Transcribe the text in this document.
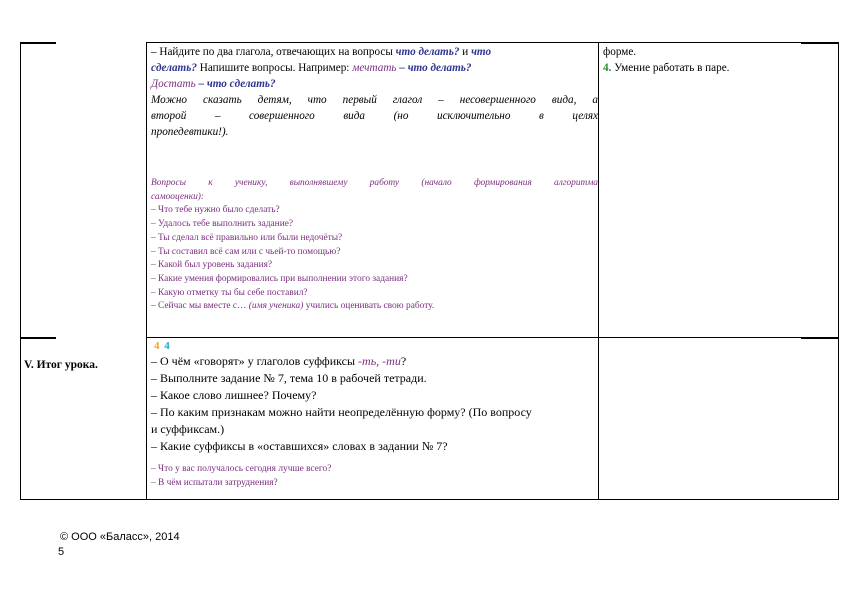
– Найдите по два глагола, отвечающих на вопросы что делать? и что
сделать? Напишите вопросы. Например: мечтать – что делать?
Достать – что сделать?
Можно сказать детям, что первый глагол – несовершенного вида, а
второй – совершенного вида (но исключительно в целях
пропедевтики!).
Вопросы к ученику, выполнявшему работу (начало формирования алгоритма
самооценки):
– Что тебе нужно было сделать?
– Удалось тебе выполнить задание?
– Ты сделал всё правильно или были недочёты?
– Ты составил всё сам или с чьей-то помощью?
– Какой был уровень задания?
– Какие умения формировались при выполнении этого задания?
– Какую отметку ты бы себе поставил?
– Сейчас мы вместе с… (имя ученика) учились оценивать свою работу.
форме.
4. Умение работать в паре.
V. Итог урока.
4 4
– О чём «говорят» у глаголов суффиксы -ть, -ти?
– Выполните задание № 7, тема 10 в рабочей тетради.
– Какое слово лишнее? Почему?
– По каким признакам можно найти неопределённую форму? (По вопросу
и суффиксам.)
– Какие суффиксы в «оставшихся» словах в задании № 7?
– Что у вас получалось сегодня лучше всего?
– В чём испытали затруднения?
© ООО «Баласс», 2014
5
